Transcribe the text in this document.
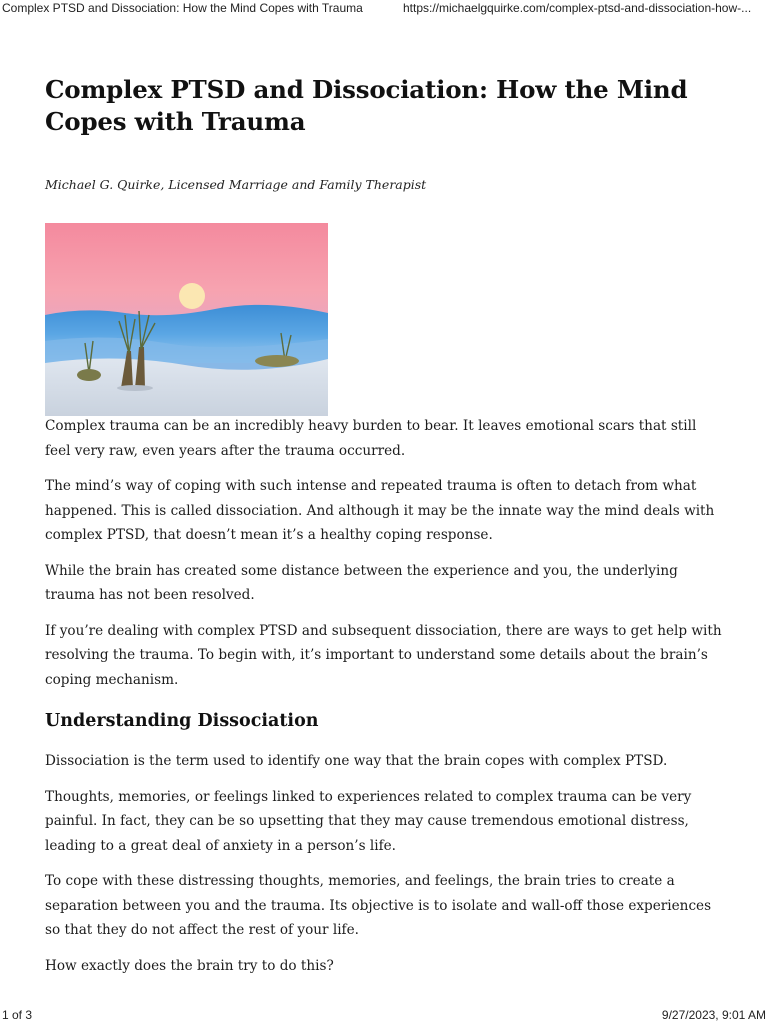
Complex PTSD and Dissociation: How the Mind Copes with Trauma	https://michaelgquirke.com/complex-ptsd-and-dissociation-how-...
Complex PTSD and Dissociation: How the Mind Copes with Trauma
Michael G. Quirke, Licensed Marriage and Family Therapist

Complex trauma can be an incredibly heavy burden to bear. It leaves emotional scars that still feel very raw, even years after the trauma occurred.

The mind’s way of coping with such intense and repeated trauma is often to detach from what happened. This is called dissociation. And although it may be the innate way the mind deals with complex PTSD, that doesn’t mean it’s a healthy coping response.

While the brain has created some distance between the experience and you, the underlying trauma has not been resolved.

If you’re dealing with complex PTSD and subsequent dissociation, there are ways to get help with resolving the trauma. To begin with, it’s important to understand some details about the brain’s coping mechanism.

Understanding Dissociation

Dissociation is the term used to identify one way that the brain copes with complex PTSD.

Thoughts, memories, or feelings linked to experiences related to complex trauma can be very painful. In fact, they can be so upsetting that they may cause tremendous emotional distress, leading to a great deal of anxiety in a person’s life.

To cope with these distressing thoughts, memories, and feelings, the brain tries to create a separation between you and the trauma. Its objective is to isolate and wall-off those experiences so that they do not affect the rest of your life.

How exactly does the brain try to do this?

1 of 3	9/27/2023, 9:01 AM
